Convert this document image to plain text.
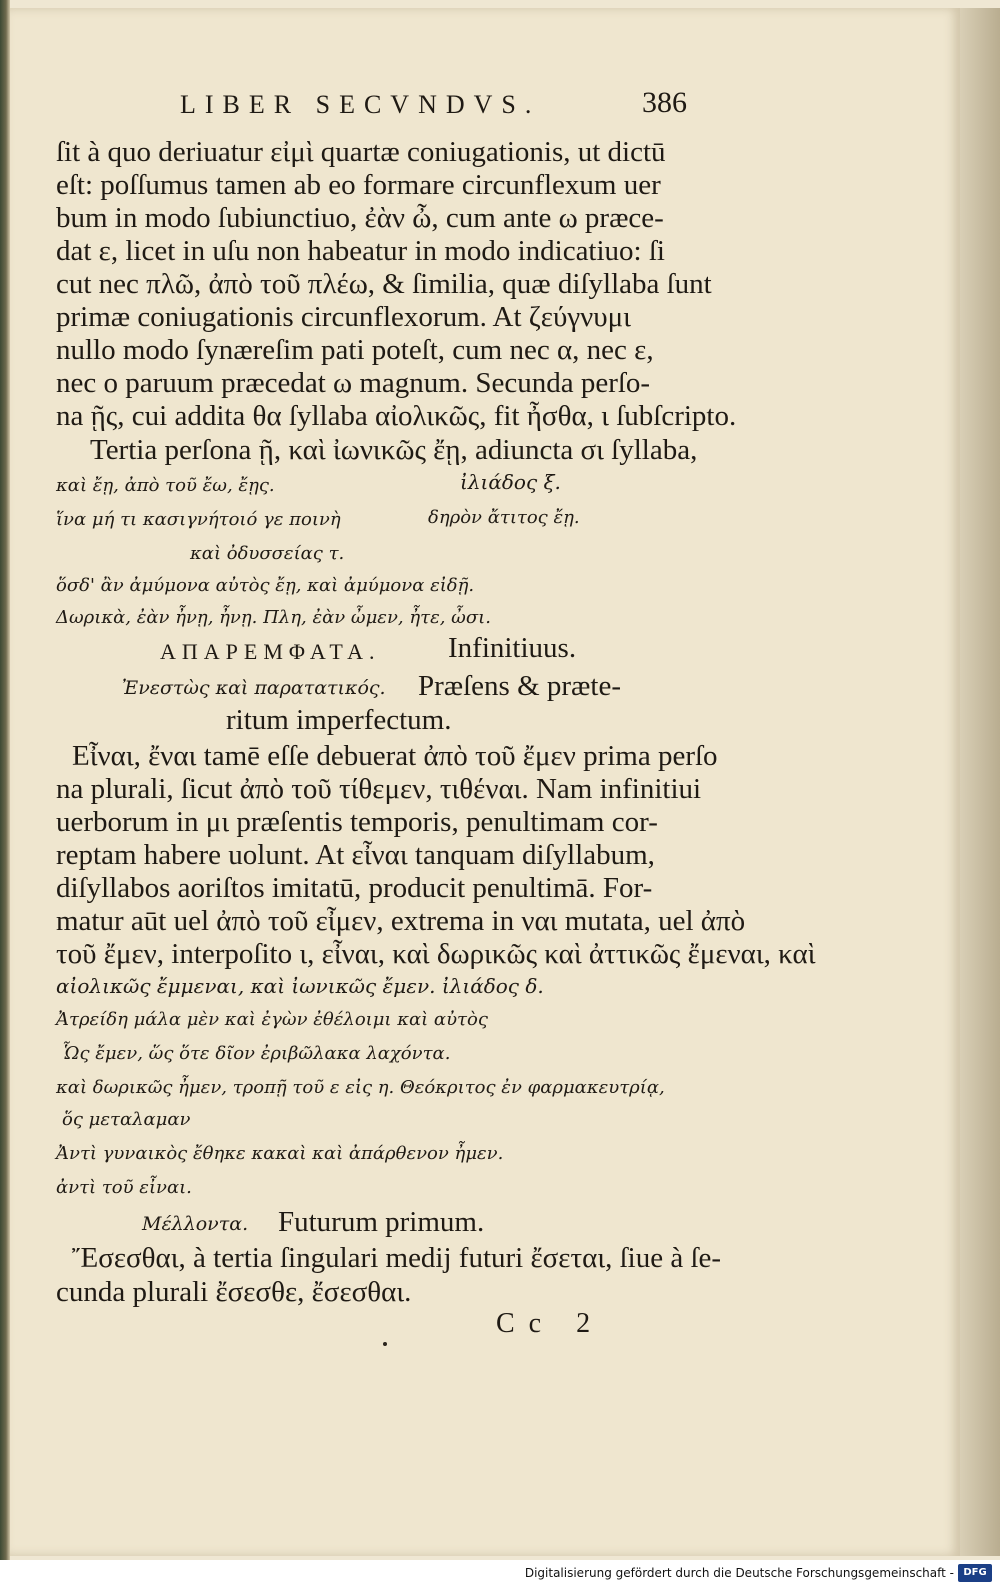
LIBER SECVNDVS.	386
ſit à quo deriuatur εἰμὶ quartæ coniugationis, ut dictū
eſt: poſſumus tamen ab eo formare circunflexum uer
bum in modo ſubiunctiuo, ἐὰν ὦ, cum ante ω præce-
dat ε, licet in uſu non habeatur in modo indicatiuo: ſi
cut nec πλῶ, ἀπὸ τοῦ πλέω, & ſimilia, quæ diſyllaba ſunt
primæ coniugationis circunflexorum. At ζεύγνυμι
nullo modo ſynæreſim pati poteſt, cum nec α, nec ε,
nec ο paruum præcedat ω magnum. Secunda perſo-
na ῇς, cui addita θα ſyllaba αἰολικῶς, fit ἦσθα, ι ſubſcripto.
Tertia perſona ῇ, καὶ ἰωνικῶς ἔῃ, adiuncta σι ſyllaba,
καὶ ἔῃ, ἀπὸ τοῦ ἔω, ἔῃς.	ἰλιάδος ξ.
ἵνα μή τι κασιγνήτοιό γε ποινὴ	δηρὸν ἄτιτος ἔῃ.
καὶ ὀδυσσείας τ.
ὅσδ' ἂν ἀμύμονα αὐτὸς ἔῃ, καὶ ἀμύμονα εἰδῇ.
Δωρικὰ, ἐὰν ἦνῃ, ἦνῃ. Πλη, ἐὰν ὦμεν, ἦτε, ὦσι.
ΑΠΑΡΕΜΦΑΤΑ. Infinitiuus.
Ἐνεστὼς καὶ παρατατικός. Præſens & præte-
ritum imperfectum.
Εἶναι, ἔναι tamē eſſe debuerat ἀπὸ τοῦ ἔμεν prima perſo
na plurali, ſicut ἀπὸ τοῦ τίθεμεν, τιθέναι. Nam infinitiui
uerborum in μι præſentis temporis, penultimam cor-
reptam habere uolunt. At εἶναι tanquam diſyllabum,
diſyllabos aoriſtos imitatū, producit penultimā. For-
matur aūt uel ἀπὸ τοῦ εἶμεν, extrema in ναι mutata, uel ἀπὸ
τοῦ ἔμεν, interpoſito ι, εἶναι, καὶ δωρικῶς καὶ ἀττικῶς ἔμεναι, καὶ
αἰολικῶς ἔμμεναι, καὶ ἰωνικῶς ἔμεν. ἰλιάδος δ.
Ἀτρείδη μάλα μὲν καὶ ἐγὼν ἐθέλοιμι καὶ αὐτὸς
Ὧς ἔμεν, ὥς ὅτε δῖον ἐριβῶλακα λαχόντα.
καὶ δωρικῶς ἦμεν, τροπῇ τοῦ ε εἰς η. Θεόκριτος ἐν φαρμακευτρίᾳ,
ὅς μεταλαμαν
Ἀντὶ γυναικὸς ἔθηκε κακαὶ καὶ ἀπάρθενον ἦμεν.
ἀντὶ τοῦ εἶναι.
Μέλλοντα. Futurum primum.
Ἔσεσθαι, à tertia ſingulari medij futuri ἔσεται, ſiue à ſe-
cunda plurali ἔσεσθε, ἔσεσθαι.
Cc 2
Digitalisierung gefördert durch die Deutsche Forschungsgemeinschaft - DFG
